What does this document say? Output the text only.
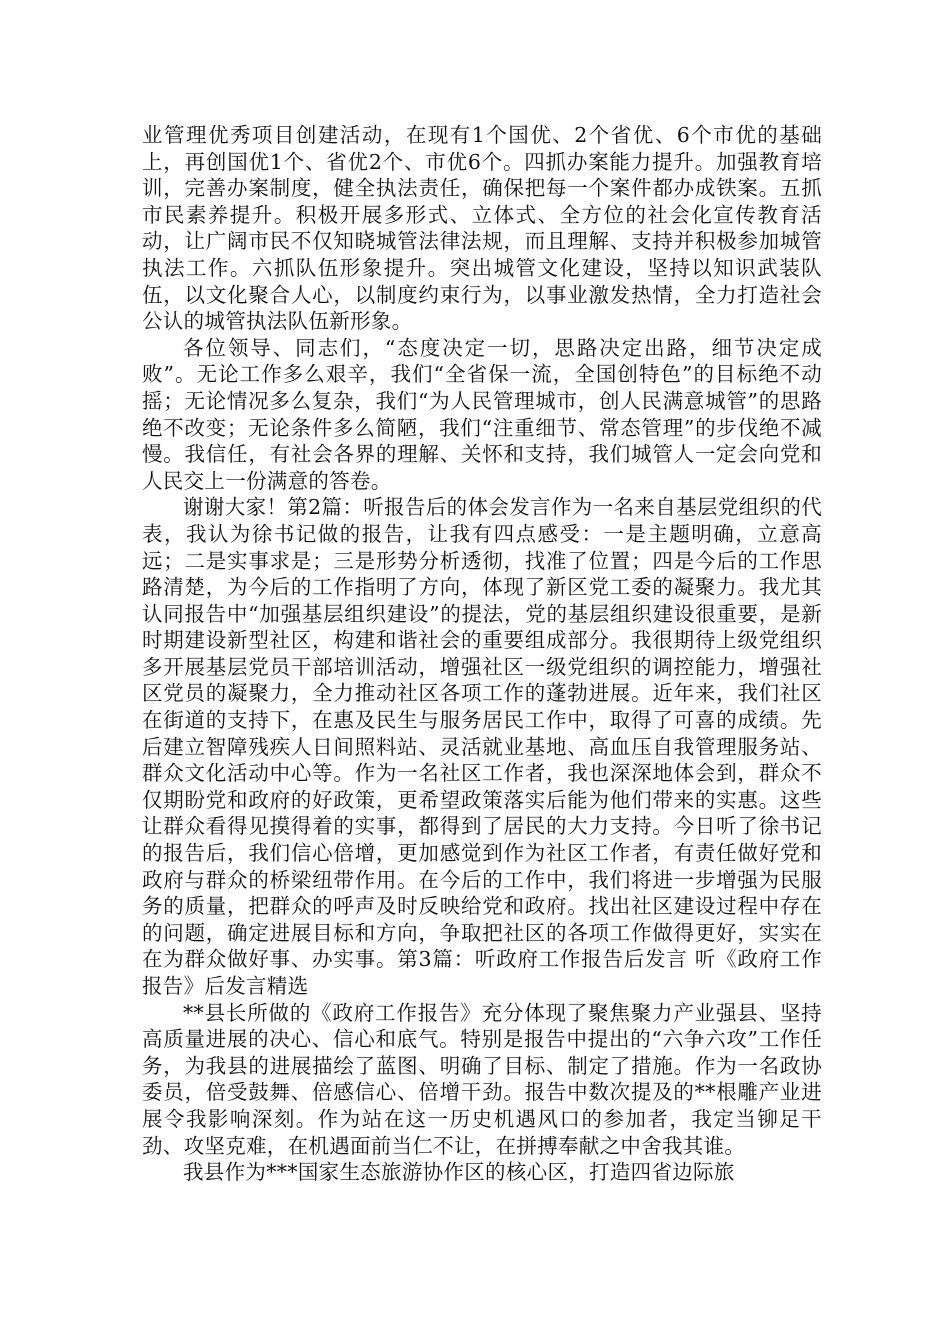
业管理优秀项目创建活动，在现有1个国优、2个省优、6个市优的基础上，再创国优1个、省优2个、市优6个。四抓办案能力提升。加强教育培训，完善办案制度，健全执法责任，确保把每一个案件都办成铁案。五抓市民素养提升。积极开展多形式、立体式、全方位的社会化宣传教育活动，让广阔市民不仅知晓城管法律法规，而且理解、支持并积极参加城管执法工作。六抓队伍形象提升。突出城管文化建设，坚持以知识武装队伍，以文化聚合人心，以制度约束行为，以事业激发热情，全力打造社会公认的城管执法队伍新形象。

各位领导、同志们，“态度决定一切，思路决定出路，细节决定成败”。无论工作多么艰辛，我们“全省保一流，全国创特色”的目标绝不动摇；无论情况多么复杂，我们“为人民管理城市，创人民满意城管”的思路绝不改变；无论条件多么简陋，我们“注重细节、常态管理”的步伐绝不减慢。我信任，有社会各界的理解、关怀和支持，我们城管人一定会向党和人民交上一份满意的答卷。

谢谢大家！第2篇：听报告后的体会发言作为一名来自基层党组织的代表，我认为徐书记做的报告，让我有四点感受：一是主题明确，立意高远；二是实事求是；三是形势分析透彻，找准了位置；四是今后的工作思路清楚，为今后的工作指明了方向，体现了新区党工委的凝聚力。我尤其认同报告中“加强基层组织建设”的提法，党的基层组织建设很重要，是新时期建设新型社区，构建和谐社会的重要组成部分。我很期待上级党组织多开展基层党员干部培训活动，增强社区一级党组织的调控能力，增强社区党员的凝聚力，全力推动社区各项工作的蓬勃进展。近年来，我们社区在街道的支持下，在惠及民生与服务居民工作中，取得了可喜的成绩。先后建立智障残疾人日间照料站、灵活就业基地、高血压自我管理服务站、群众文化活动中心等。作为一名社区工作者，我也深深地体会到，群众不仅期盼党和政府的好政策，更希望政策落实后能为他们带来的实惠。这些让群众看得见摸得着的实事，都得到了居民的大力支持。今日听了徐书记的报告后，我们信心倍增，更加感觉到作为社区工作者，有责任做好党和政府与群众的桥梁纽带作用。在今后的工作中，我们将进一步增强为民服务的质量，把群众的呼声及时反映给党和政府。找出社区建设过程中存在的问题，确定进展目标和方向，争取把社区的各项工作做得更好，实实在在为群众做好事、办实事。第3篇：听政府工作报告后发言 听《政府工作报告》后发言精选

**县长所做的《政府工作报告》充分体现了聚焦聚力产业强县、坚持高质量进展的决心、信心和底气。特别是报告中提出的“六争六攻”工作任务，为我县的进展描绘了蓝图、明确了目标、制定了措施。作为一名政协委员，倍受鼓舞、倍感信心、倍增干劲。报告中数次提及的**根雕产业进展令我影响深刻。作为站在这一历史机遇风口的参加者，我定当铆足干劲、攻坚克难，在机遇面前当仁不让，在拼搏奉献之中舍我其谁。

我县作为***国家生态旅游协作区的核心区，打造四省边际旅
